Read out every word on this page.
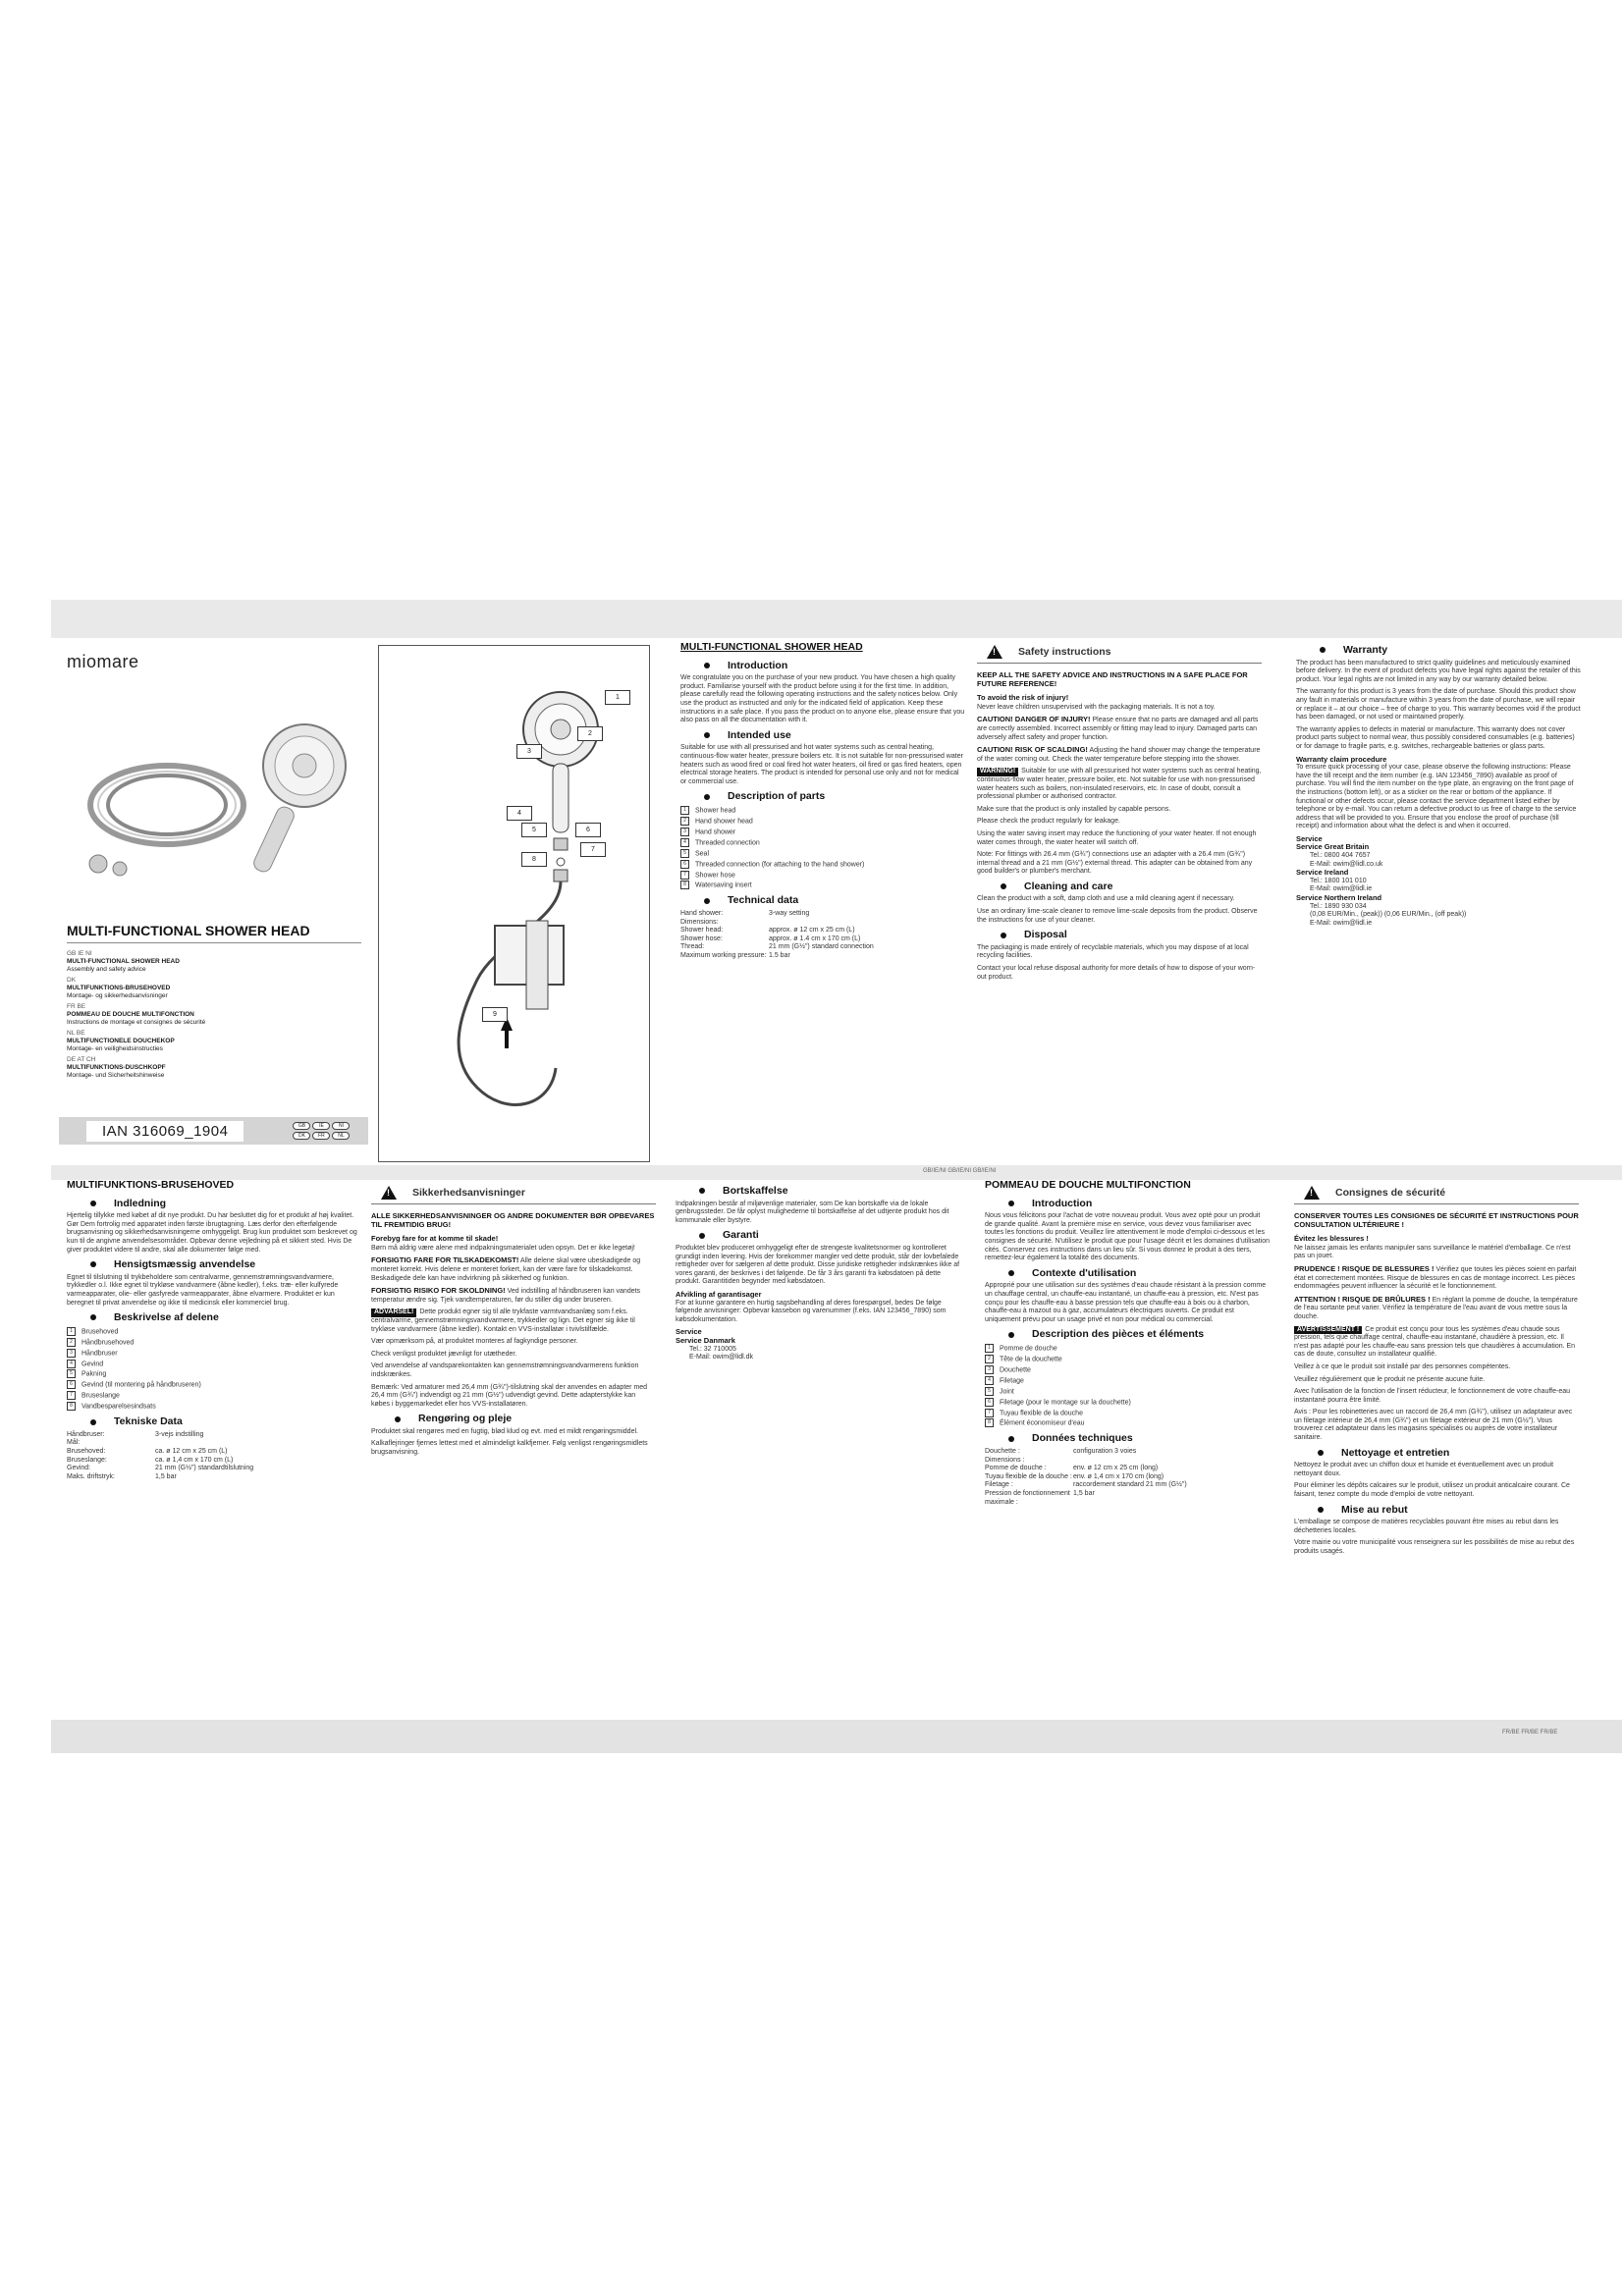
miomare
MULTI-FUNCTIONAL SHOWER HEAD
GB IE NI
MULTI-FUNCTIONAL SHOWER HEAD
Assembly and safety advice
DK
MULTIFUNKTIONS-BRUSEHOVED
Montage- og sikkerhedsanvisninger
FR BE
POMMEAU DE DOUCHE MULTIFONCTION
Instructions de montage et consignes de sécurité
NL BE
MULTIFUNCTIONELE DOUCHEKOP
Montage- en veiligheidsinstructies
DE AT CH
MULTIFUNKTIONS-DUSCHKOPF
Montage- und Sicherheitshinweise
IAN 316069_1904	GB	IE	NI
DK	FR	NL
1
2
3
4
5	6
7
8
9
MULTI-FUNCTIONAL SHOWER HEAD
Introduction

We congratulate you on the purchase of your new product. You have chosen a high quality product. Familiarise yourself with the product before using it for the first time. In addition, please carefully read the following operating instructions and the safety notices below. Only use the product as instructed and only for the indicated field of application. Keep these instructions in a safe place. If you pass the product on to anyone else, please ensure that you also pass on all the documentation with it.

Intended use

Suitable for use with all pressurised and hot water systems such as central heating, continuous-flow water heater, pressure boilers etc. It is not suitable for non-pressurised water heaters such as wood fired or coal fired hot water heaters, oil fired or gas fired heaters, open electrical storage heaters. The product is intended for personal use only and not for medical or commercial use.

Description of parts
1 Shower head
2 Hand shower head
3 Hand shower
4 Threaded connection
5 Seal
6 Threaded connection (for attaching to the hand shower)
7 Shower hose
8 Watersaving insert
Technical data
Hand shower:	3-way setting
Dimensions:
Shower head:	approx. ø 12 cm x 25 cm (L)
Shower hose:	approx. ø 1.4 cm x 170 cm (L)
Thread:	21 mm (G½") standard connection
Maximum working pressure: 1.5 bar
!
Safety instructions
KEEP ALL THE SAFETY ADVICE AND INSTRUCTIONS IN A SAFE PLACE FOR FUTURE REFERENCE!

To avoid the risk of injury!
Never leave children unsupervised with the packaging materials. It is not a toy.

CAUTION! DANGER OF INJURY! Please ensure that no parts are damaged and all parts are correctly assembled. Incorrect assembly or fitting may lead to injury. Damaged parts can adversely affect safety and proper function.

CAUTION! RISK OF SCALDING! Adjusting the hand shower may change the temperature of the water coming out. Check the water temperature before stepping into the shower.

WARNING! Suitable for use with all pressurised hot water systems such as central heating, continuous-flow water heater, pressure boiler, etc. Not suitable for use with non-pressurised water heaters such as boilers, non-insulated reservoirs, etc. In case of doubt, consult a professional plumber or authorised contractor.

Make sure that the product is only installed by capable persons.

Please check the product regularly for leakage.

Using the water saving insert may reduce the functioning of your water heater. If not enough water comes through, the water heater will switch off.

Note: For fittings with 26.4 mm (G¾") connections use an adapter with a 26.4 mm (G¾") internal thread and a 21 mm (G½") external thread. This adapter can be obtained from any good builder's or plumber's merchant.

Cleaning and care

Clean the product with a soft, damp cloth and use a mild cleaning agent if necessary.

Use an ordinary lime-scale cleaner to remove lime-scale deposits from the product. Observe the instructions for use of your cleaner.

Disposal

The packaging is made entirely of recyclable materials, which you may dispose of at local recycling facilities.

Contact your local refuse disposal authority for more details of how to dispose of your worn-out product.

Warranty

The product has been manufactured to strict quality guidelines and meticulously examined before delivery. In the event of product defects you have legal rights against the retailer of this product. Your legal rights are not limited in any way by our warranty detailed below.

The warranty for this product is 3 years from the date of purchase. Should this product show any fault in materials or manufacture within 3 years from the date of purchase, we will repair or replace it – at our choice – free of charge to you. This warranty becomes void if the product has been damaged, or not used or maintained properly.

The warranty applies to defects in material or manufacture. This warranty does not cover product parts subject to normal wear, thus possibly considered consumables (e.g. batteries) or for damage to fragile parts, e.g. switches, rechargeable batteries or glass parts.

Warranty claim procedure

To ensure quick processing of your case, please observe the following instructions: Please have the till receipt and the item number (e.g. IAN 123456_7890) available as proof of purchase. You will find the item number on the type plate, an engraving on the front page of the instructions (bottom left), or as a sticker on the rear or bottom of the appliance. If functional or other defects occur, please contact the service department listed either by telephone or by e-mail. You can return a defective product to us free of charge to the service address that will be provided to you. Ensure that you enclose the proof of purchase (till receipt) and information about what the defect is and when it occurred.

Service
Service Great Britain
Tel.: 0800 404 7657
E-Mail: owim@lidl.co.uk
Service Ireland
Tel.: 1800 101 010
E-Mail: owim@lidl.ie
Service Northern Ireland
Tel.: 1890 930 034
(0,08 EUR/Min., (peak)) (0,06 EUR/Min., (off peak))
E-Mail: owim@lidl.ie
GB/IE/NI GB/IE/NI GB/IE/NI
MULTIFUNKTIONS-BRUSEHOVED
Indledning

Hjertelig tillykke med købet af dit nye produkt. Du har besluttet dig for et produkt af høj kvalitet. Gør Dem fortrolig med apparatet inden første ibrugtagning. Læs derfor den efterfølgende brugsanvisning og sikkerhedsanvisningerne omhyggeligt. Brug kun produktet som beskrevet og kun til de angivne anvendelsesområder. Opbevar denne vejledning på et sikkert sted. Hvis De giver produktet videre til andre, skal alle dokumenter følge med.

Hensigtsmæssig anvendelse

Egnet til tilslutning til trykbeholdere som centralvarme, gennemstrømningsvandvarmere, trykkedler o.l. Ikke egnet til trykløse vandvarmere (åbne kedler), f.eks. træ- eller kulfyrede varmeapparater, olie- eller gasfyrede varmeapparater, åbne elvarmere. Produktet er kun beregnet til privat anvendelse og ikke til medicinsk eller kommerciel brug.

Beskrivelse af delene
1 Brusehoved
2 Håndbrusehoved
3 Håndbruser
4 Gevind
5 Pakning
6 Gevind (til montering på håndbruseren)
7 Bruseslange
8 Vandbesparelsesindsats
Tekniske Data
Håndbruser:	3-vejs indstilling
Mål:
Brusehoved:	ca. ø 12 cm x 25 cm (L)
Bruseslange:	ca. ø 1,4 cm x 170 cm (L)
Gevind:	21 mm (G½") standardtilslutning
Maks. driftstryk:	1,5 bar
!
Sikkerhedsanvisninger
ALLE SIKKERHEDSANVISNINGER OG ANDRE DOKUMENTER BØR OPBEVARES TIL FREMTIDIG BRUG!

Forebyg fare for at komme til skade!
Børn må aldrig være alene med indpakningsmaterialet uden opsyn. Det er ikke legetøj!

FORSIGTIG FARE FOR TILSKADEKOMST! Alle delene skal være ubeskadigede og monteret korrekt. Hvis delene er monteret forkert, kan der være fare for tilskadekomst. Beskadigede dele kan have indvirkning på sikkerhed og funktion.

FORSIGTIG RISIKO FOR SKOLDNING! Ved indstilling af håndbruseren kan vandets temperatur ændre sig. Tjek vandtemperaturen, før du stiller dig under bruseren.

ADVARSEL! Dette produkt egner sig til alle trykfaste varmtvandsanlæg som f.eks. centralvarme, gennemstrømningsvandvarmere, trykkedler og lign. Det egner sig ikke til trykløse vandvarmere (åbne kedler). Kontakt en VVS-installatør i tvivlstilfælde.

Vær opmærksom på, at produktet monteres af fagkyndige personer.

Check venligst produktet jævnligt for utætheder.

Ved anvendelse af vandsparekontakten kan gennemstrømningsvandvarmerens funktion indskrænkes.

Bemærk: Ved armaturer med 26,4 mm (G¾")-tilslutning skal der anvendes en adapter med 26,4 mm (G¾") indvendigt og 21 mm (G½") udvendigt gevind. Dette adapterstykke kan købes i byggemarkedet eller hos VVS-installatøren.

Rengøring og pleje

Produktet skal rengøres med en fugtig, blød klud og evt. med et mildt rengøringsmiddel.

Kalkaflejringer fjernes lettest med et almindeligt kalkfjerner. Følg venligst rengøringsmidlets brugsanvisning.

Bortskaffelse

Indpakningen består af miljøvenlige materialer, som De kan bortskaffe via de lokale genbrugssteder. De får oplyst mulighederne til bortskaffelse af det udtjente produkt hos dit kommunale eller bystyre.

Garanti

Produktet blev produceret omhyggeligt efter de strengeste kvalitetsnormer og kontrolleret grundigt inden levering. Hvis der forekommer mangler ved dette produkt, står der lovbefalede rettigheder over for sælgeren af dette produkt. Disse juridiske rettigheder indskrænkes ikke af vores garanti, der beskrives i det følgende. De får 3 års garanti fra købsdatoen på dette produkt. Garantitiden begynder med købsdatoen.

Afvikling af garantisager

For at kunne garantere en hurtig sagsbehandling af deres forespørgsel, bedes De følge følgende anvisninger: Opbevar kassebon og varenummer (f.eks. IAN 123456_7890) som købsdokumentation.

Service
Service Danmark
Tel.: 32 710005
E-Mail: owim@lidl.dk
POMMEAU DE DOUCHE MULTIFONCTION
Introduction

Nous vous félicitons pour l'achat de votre nouveau produit. Vous avez opté pour un produit de grande qualité. Avant la première mise en service, vous devez vous familiariser avec toutes les fonctions du produit. Veuillez lire attentivement le mode d'emploi ci-dessous et les consignes de sécurité. N'utilisez le produit que pour l'usage décrit et les domaines d'utilisation cités. Conservez ces instructions dans un lieu sûr. Si vous donnez le produit à des tiers, remettez-leur également la totalité des documents.

Contexte d'utilisation

Approprié pour une utilisation sur des systèmes d'eau chaude résistant à la pression comme un chauffage central, un chauffe-eau instantané, un chauffe-eau à pression, etc. N'est pas conçu pour les chauffe-eau à basse pression tels que chauffe-eau à bois ou à charbon, chauffe-eau à mazout ou à gaz, accumulateurs électriques ouverts. Ce produit est uniquement prévu pour un usage privé et non pour médical ou commercial.

Description des pièces et éléments
1 Pomme de douche
2 Tête de la douchette
3 Douchette
4 Filetage
5 Joint
6 Filetage (pour le montage sur la douchette)
7 Tuyau flexible de la douche
8 Élément économiseur d'eau
Données techniques
Douchette :	configuration 3 voies
Dimensions :
Pomme de douche :	env. ø 12 cm x 25 cm (long)
Tuyau flexible de la douche : env. ø 1,4 cm x 170 cm (long)
Filetage :	raccordement standard 21 mm (G½")
Pression de fonctionnement maximale :
1,5 bar
!
Consignes de sécurité
CONSERVER TOUTES LES CONSIGNES DE SÉCURITÉ ET INSTRUCTIONS POUR CONSULTATION ULTÉRIEURE !

Évitez les blessures !
Ne laissez jamais les enfants manipuler sans surveillance le matériel d'emballage. Ce n'est pas un jouet.

PRUDENCE ! RISQUE DE BLESSURES ! Vérifiez que toutes les pièces soient en parfait état et correctement montées. Risque de blessures en cas de montage incorrect. Les pièces endommagées peuvent influencer la sécurité et le fonctionnement.

ATTENTION ! RISQUE DE BRÛLURES ! En réglant la pomme de douche, la température de l'eau sortante peut varier. Vérifiez la température de l'eau avant de vous mettre sous la douche.

AVERTISSEMENT ! Ce produit est conçu pour tous les systèmes d'eau chaude sous pression, tels que chauffage central, chauffe-eau instantané, chaudière à pression, etc. Il n'est pas adapté pour les chauffe-eau sans pression tels que chaudières à accumulation. En cas de doute, consultez un installateur qualifié.

Veillez à ce que le produit soit installé par des personnes compétentes.

Veuillez régulièrement que le produit ne présente aucune fuite.

Avec l'utilisation de la fonction de l'insert réducteur, le fonctionnement de votre chauffe-eau instantané pourra être limité.

Avis : Pour les robinetteries avec un raccord de 26,4 mm (G¾"), utilisez un adaptateur avec un filetage intérieur de 26,4 mm (G¾") et un filetage extérieur de 21 mm (G½"). Vous trouverez cet adaptateur dans les magasins spécialisés ou auprès de votre installateur sanitaire.

Nettoyage et entretien

Nettoyez le produit avec un chiffon doux et humide et éventuellement avec un produit nettoyant doux.

Pour éliminer les dépôts calcaires sur le produit, utilisez un produit anticalcaire courant. Ce faisant, tenez compte du mode d'emploi de votre nettoyant.

Mise au rebut

L'emballage se compose de matières recyclables pouvant être mises au rebut dans les déchetteries locales.

Votre mairie ou votre municipalité vous renseignera sur les possibilités de mise au rebut des produits usagés.

FR/BE FR/BE FR/BE
